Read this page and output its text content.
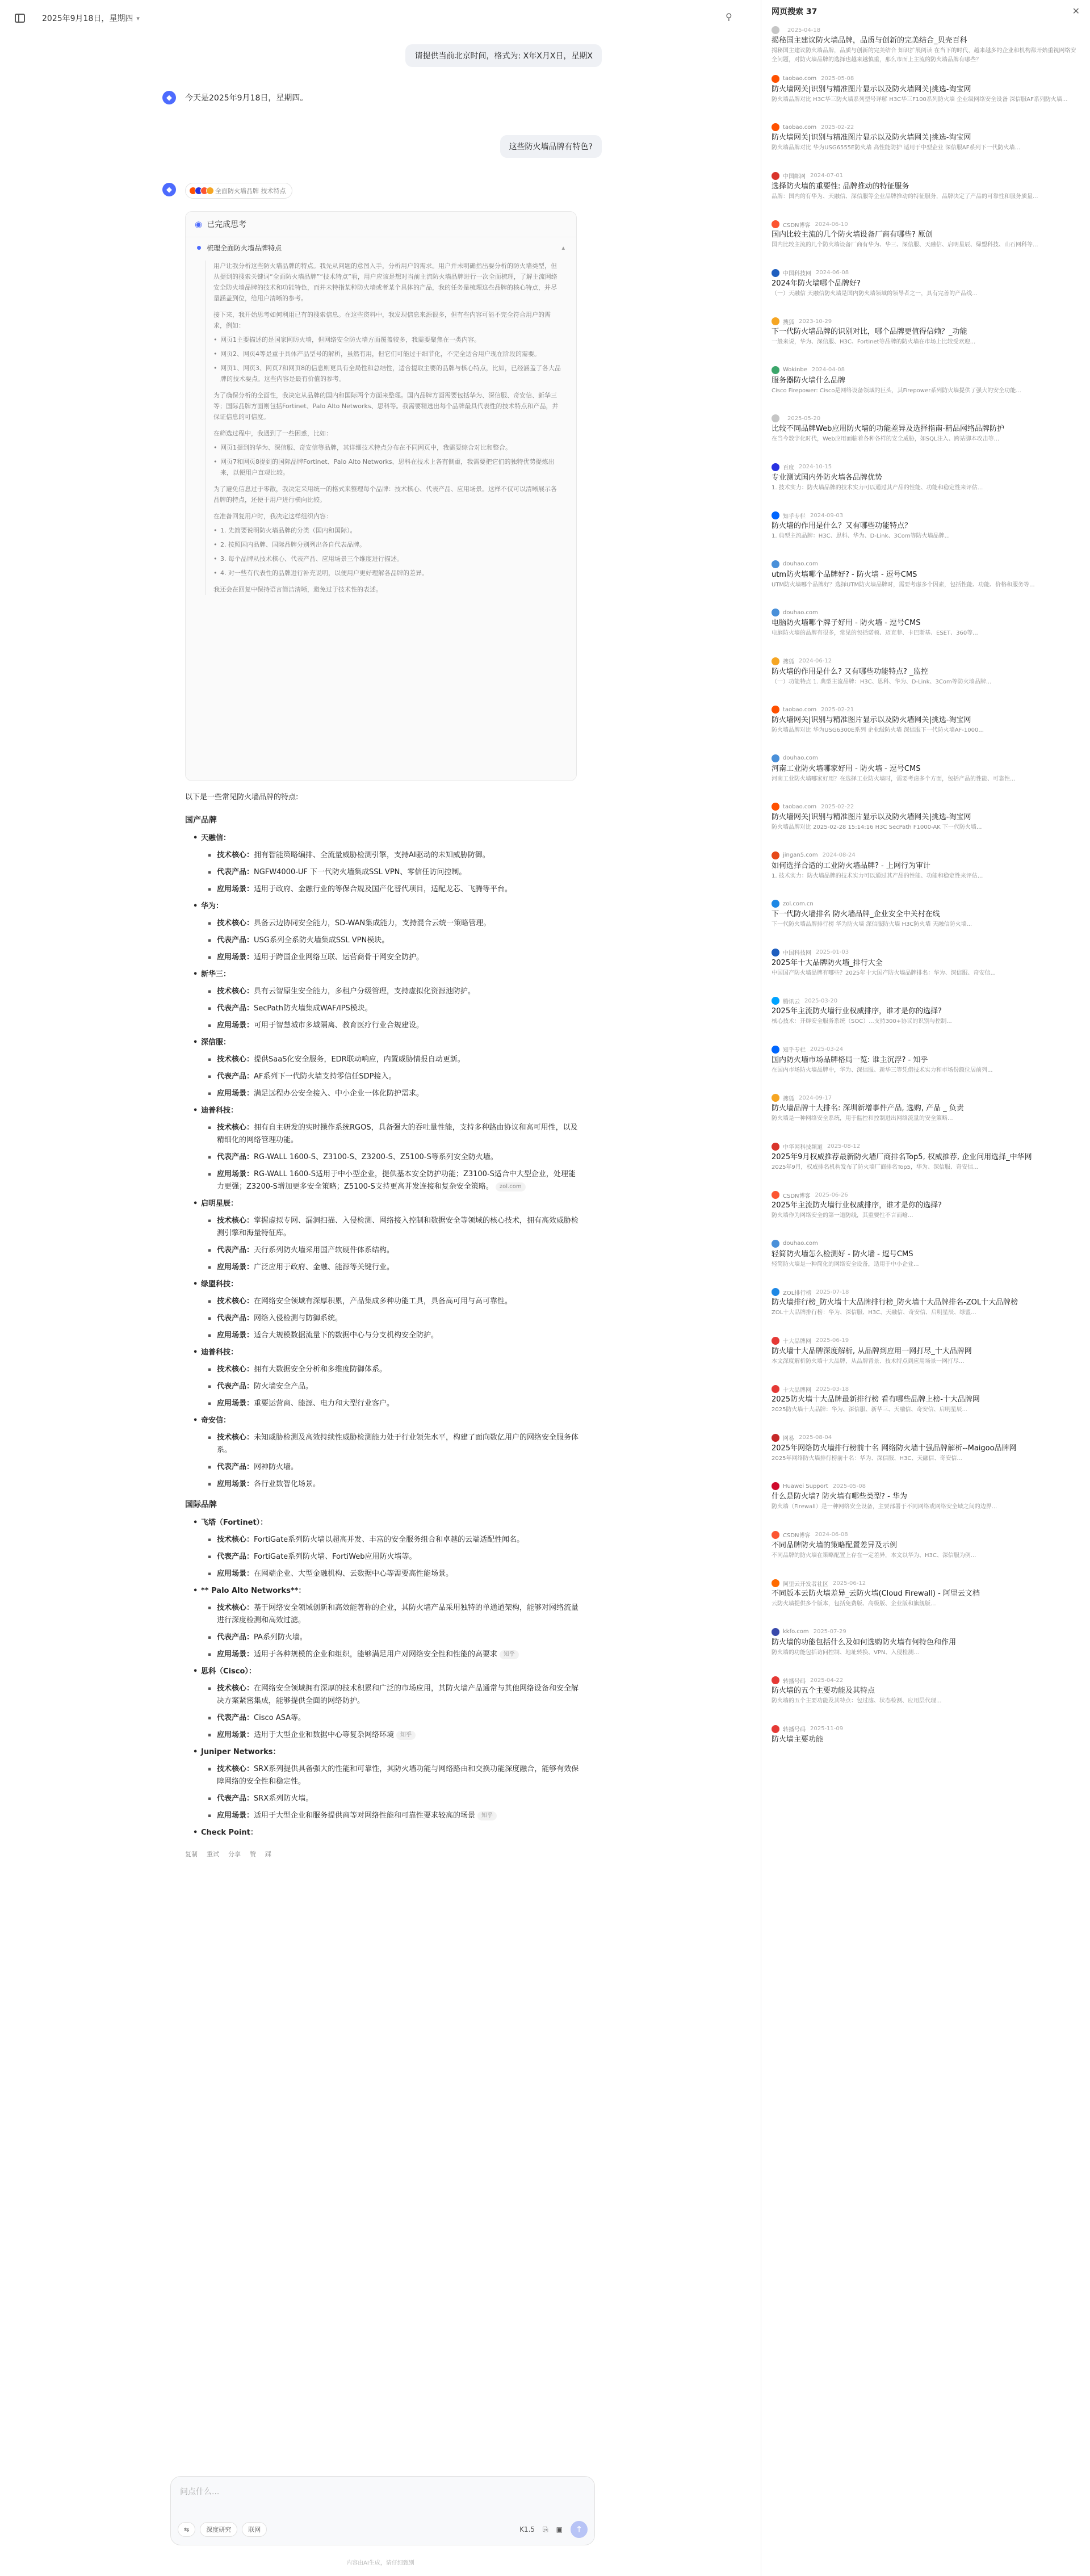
2025年9月18日，星期四 ▾	⚲
请提供当前北京时间，格式为: X年X月X日，星期X
◆	今天是2025年9月18日，星期四。
这些防火墙品牌有特色?
◆	全面防火墙品牌 技术特点
◉ 已完成思考
梳理全面防火墙品牌特点	▴

用户让我分析这些防火墙品牌的特点。我先从问题的意图入手，分析用户的需求。用户并未明确指出要分析的防火墙类型，但从提到的搜索关键词“全面防火墙品牌”“技术特点”看，用户应该是想对当前主流防火墙品牌进行一次全面梳理，了解主流网络安全防火墙品牌的技术和功能特色，而并未特指某种防火墙或者某个具体的产品，我的任务是梳理这些品牌的核心特点，并尽量涵盖到位，给用户清晰的参考。

接下来，我开始思考如何利用已有的搜索信息。在这些资料中，我发现信息来源很多，但有些内容可能不完全符合用户的需求，例如：

• 网页1主要描述的是国家网防火墙，但网络安全防火墙方面覆盖较多，我需要聚焦在一类内容。
• 网页2、网页4等是重于具体产品型号的解析，虽然有用，但它们可能过于细节化，不完全适合用户现在阶段的需要。
• 网页1、网页3、网页7和网页8的信息则更具有全局性和总结性，适合提取主要的品牌与核心特点，比如，已经涵盖了各大品牌的技术要点。这些内容是最有价值的参考。

为了确保分析的全面性，我决定从品牌的国内和国际两个方面来整理。国内品牌方面需要包括华为、深信服、奇安信、新华三等；国际品牌方面则包括Fortinet、Palo Alto Networks、思科等。我需要精选出每个品牌最具代表性的技术特点和产品，并保证信息的可信度。

在筛选过程中，我遇到了一些困惑，比如：

• 网页1提到的华为、深信服、奇安信等品牌，其详细技术特点分布在不同网页中，我需要综合对比和整合。
• 网页7和网页8提到的国际品牌Fortinet、Palo Alto Networks、思科在技术上各有侧重，我需要把它们的独特优势提炼出来，以便用户直观比较。

为了避免信息过于零散，我决定采用统一的格式来整理每个品牌：技术核心、代表产品、应用场景。这样不仅可以清晰展示各品牌的特点，还便于用户进行横向比较。

在准备回复用户时，我决定这样组织内容：

• 1. 先简要说明防火墙品牌的分类（国内和国际）。
• 2. 按照国内品牌、国际品牌分别列出各自代表品牌。
• 3. 每个品牌从技术核心、代表产品、应用场景三个维度进行描述。
• 4. 对一些有代表性的品牌进行补充说明，以便用户更好理解各品牌的差异。

我还会在回复中保持语言简洁清晰，避免过于技术性的表述。

以下是一些常见防火墙品牌的特点:
国产品牌
• 天融信：
▪ 技术核心：拥有智能策略编排、全流量威胁检测引擎，支持AI驱动的未知威胁防御。
▪ 代表产品：NGFW4000-UF 下一代防火墙集成SSL VPN、零信任访问控制。
▪ 应用场景：适用于政府、金融行业的等保合规及国产化替代项目，适配龙芯、飞腾等平台。
• 华为：
▪ 技术核心：具备云边协同安全能力，SD-WAN集成能力，支持混合云统一策略管理。
▪ 代表产品：USG系列全系防火墙集成SSL VPN模块。
▪ 应用场景：适用于跨国企业网络互联、运营商骨干网安全防护。
• 新华三：
▪ 技术核心：具有云智原生安全能力，多租户分级管理，支持虚拟化资源池防护。
▪ 代表产品：SecPath防火墙集成WAF/IPS模块。
▪ 应用场景：可用于智慧城市多域隔离、教育医疗行业合规建设。
• 深信服：
▪ 技术核心：提供SaaS化安全服务，EDR联动响应，内置威胁情报自动更新。
▪ 代表产品：AF系列下一代防火墙支持零信任SDP接入。
▪ 应用场景：满足远程办公安全接入、中小企业一体化防护需求。
• 迪普科技：
▪ 技术核心：拥有自主研发的实时操作系统RGOS，具备强大的吞吐量性能，支持多种路由协议和高可用性，以及精细化的网络管理功能。
▪ 代表产品：RG-WALL 1600-S、Z3100-S、Z3200-S、Z5100-S等系列安全防火墙。
▪ 应用场景：RG-WALL 1600-S适用于中小型企业，提供基本安全防护功能；Z3100-S适合中大型企业，处理能力更强；Z3200-S增加更多安全策略；Z5100-S支持更高并发连接和复杂安全策略。 zol.com
• 启明星辰：
▪ 技术核心：掌握虚拟专网、漏洞扫描、入侵检测、网络接入控制和数据安全等领域的核心技术，拥有高效威胁检测引擎和海量特征库。
▪ 代表产品：天行系列防火墙采用国产软硬件体系结构。
▪ 应用场景：广泛应用于政府、金融、能源等关键行业。
• 绿盟科技：
▪ 技术核心：在网络安全领域有深厚积累，产品集成多种功能工具，具备高可用与高可靠性。
▪ 代表产品：网络入侵检测与防御系统。
▪ 应用场景：适合大规模数据流量下的数据中心与分支机构安全防护。
• 迪普科技：
▪ 技术核心：拥有大数据安全分析和多维度防御体系。
▪ 代表产品：防火墙安全产品。
▪ 应用场景：重要运营商、能源、电力和大型行业客户。
• 奇安信：
▪ 技术核心：未知威胁检测及高效持续性威胁检测能力处于行业领先水平，构建了面向数亿用户的网络安全服务体系。
▪ 代表产品：网神防火墙。
▪ 应用场景：各行业数智化场景。
国际品牌
• 飞塔（Fortinet）：
▪ 技术核心：FortiGate系列防火墙以超高并发、丰富的安全服务组合和卓越的云端适配性闻名。
▪ 代表产品：FortiGate系列防火墙、FortiWeb应用防火墙等。
▪ 应用场景：在网端企业、大型金融机构、云数据中心等需要高性能场景。
• ** Palo Alto Networks**：
▪ 技术核心：基于网络安全领域创新和高效能著称的企业，其防火墙产品采用独特的单通道架构，能够对网络流量进行深度检测和高效过滤。
▪ 代表产品：PA系列防火墙。
▪ 应用场景：适用于各种规模的企业和组织，能够满足用户对网络安全性和性能的高要求 知乎
• 思科（Cisco）：
▪ 技术核心：在网络安全领域拥有深厚的技术积累和广泛的市场应用，其防火墙产品通常与其他网络设备和安全解决方案紧密集成，能够提供全面的网络防护。
▪ 代表产品：Cisco ASA等。
▪ 应用场景：适用于大型企业和数据中心等复杂网络环境 知乎
• Juniper Networks：
▪ 技术核心：SRX系列提供具备强大的性能和可靠性，其防火墙功能与网络路由和交换功能深度融合，能够有效保障网络的安全性和稳定性。
▪ 代表产品：SRX系列防火墙。
▪ 应用场景：适用于大型企业和服务提供商等对网络性能和可靠性要求较高的场景 知乎
• Check Point：
复制 重试 分享 赞 踩
问点什么...
⇆	深度研究	联网	K1.5 ⎘ ▣	↑
内容由AI生成，请仔细甄别
网页搜索 37	✕
2025-04-18
揭秘国主建议防火墙品牌，品质与创新的完美结合_贝壳百科
揭秘国主建议防火墙品牌，品质与创新的完美结合 知识扩展阅读 在当下的时代，越来越多的企业和机构都开始重视网络安全问题，对防火墙品牌的选择也越来越慎重，那么市面上主流的防火墙品牌有哪些？
taobao.com 2025-05-08
防火墙网关|识别与精准图片显示以及防火墙网关|挑选-淘宝网
防火墙品牌对比 H3C华三防火墙系列型号详解 H3C华三F100系列防火墙 企业级网络安全设备 深信服AF系列防火墙...
taobao.com 2025-02-22
防火墙网关|识别与精准图片显示以及防火墙网关|挑选-淘宝网
防火墙品牌对比 华为USG6555E防火墙 高性能防护 适用于中型企业 深信服AF系列下一代防火墙...
中国邮网 2024-07-01
选择防火墙的重要性: 品牌推动的特征服务
品牌：国内的有华为、天融信、深信服等企业品牌推动的特征服务，品牌决定了产品的可靠性和服务质量...
CSDN博客 2024-06-10
国内比较主流的几个防火墙设备厂商有哪些? 原创
国内比较主流的几个防火墙设备厂商有华为、华三、深信服、天融信、启明星辰、绿盟科技、山石网科等...
中国科技网 2024-06-08
2024年防火墙哪个品牌好?
（一）天融信 天融信防火墙是国内防火墙领域的领导者之一，具有完善的产品线...
搜狐 2023-10-29
下一代防火墙品牌的识别对比，哪个品牌更值得信赖？_功能
一般来说，华为、深信服、H3C、Fortinet等品牌的防火墙在市场上比较受欢迎...
Wokinbe 2024-04-08
服务器防火墙什么品牌
Cisco Firepower: Cisco是网络设备领域的巨头，其Firepower系列防火墙提供了强大的安全功能...
2025-05-20
比较不同品牌Web应用防火墙的功能差异及选择指南-精品网络品牌防护
在当今数字化时代，Web应用面临着各种各样的安全威胁，如SQL注入、跨站脚本攻击等...
百度 2024-10-15
专业测试国内外防火墙各品牌优势
1. 技术实力：防火墙品牌的技术实力可以通过其产品的性能、功能和稳定性来评估...
知乎专栏 2024-09-03
防火墙的作用是什么？又有哪些功能特点？
1. 典型主流品牌：H3C、思科、华为、D-Link、3Com等防火墙品牌...
douhao.com
utm防火墙哪个品牌好? - 防火墙 - 逗号CMS
UTM防火墙哪个品牌好？选择UTM防火墙品牌时，需要考虑多个因素，包括性能、功能、价格和服务等...
douhao.com
电脑防火墙哪个牌子好用 - 防火墙 - 逗号CMS
电脑防火墙的品牌有很多，常见的包括诺顿、迈克菲、卡巴斯基、ESET、360等...
搜狐 2024-06-12
防火墙的作用是什么? 又有哪些功能特点? _监控
（一）功能特点 1. 典型主流品牌：H3C、思科、华为、D-Link、3Com等防火墙品牌...
taobao.com 2025-02-21
防火墙网关|识别与精准图片显示以及防火墙网关|挑选-淘宝网
防火墙品牌对比 华为USG6300E系列 企业级防火墙 深信服下一代防火墙AF-1000...
douhao.com
河南工业防火墙哪家好用 - 防火墙 - 逗号CMS
河南工业防火墙哪家好用？在选择工业防火墙时，需要考虑多个方面，包括产品的性能、可靠性...
taobao.com 2025-02-22
防火墙网关|识别与精准图片显示以及防火墙网关|挑选-淘宝网
防火墙品牌对比 2025-02-28 15:14:16 H3C SecPath F1000-AK 下一代防火墙...
jingan5.com 2024-08-24
如何选择合适的工业防火墙品牌? - 上网行为审计
1. 技术实力：防火墙品牌的技术实力可以通过其产品的性能、功能和稳定性来评估...
zol.com.cn
下一代防火墙排名 防火墙品牌_企业安全中关村在线
下一代防火墙品牌排行榜 华为防火墙 深信服防火墙 H3C防火墙 天融信防火墙...
中国科技网 2025-01-03
2025年十大品牌防火墙_排行大全
中国国产防火墙品牌有哪些？2025年十大国产防火墙品牌排名：华为、深信服、奇安信...
腾讯云 2025-03-20
2025年主流防火墙行业权威排序，谁才是你的选择?
核心技术：开辟安全服务系统（SOC）...支持300+协议的识别与控制...
知乎专栏 2025-03-24
国内防火墙市场品牌格局一览: 谁主沉浮? - 知乎
在国内市场防火墙品牌中，华为、深信服、新华三等凭借技术实力和市场份额位居前列...
搜狐 2024-09-17
防火墙品牌十大排名: 深圳新增事件产品, 选购, 产品 _ 负责
防火墙是一种网络安全系统，用于监控和控制进出网络流量的安全策略...
中华网科技频道 2025-08-12
2025年9月权威推荐最新防火墙厂商排名Top5, 权威推荐, 企业问用选择_中华网
2025年9月，权威排名机构发布了防火墙厂商排名Top5，华为、深信服、奇安信...
CSDN博客 2025-06-26
2025年主流防火墙行业权威排序，谁才是你的选择?
防火墙作为网络安全的第一道防线，其重要性不言而喻...
douhao.com
轻简防火墙怎么检测好 - 防火墙 - 逗号CMS
轻简防火墙是一种简化的网络安全设备，适用于中小企业...
ZOL排行榜 2025-07-18
防火墙排行榜_防火墙十大品牌排行榜_防火墙十大品牌排名-ZOL十大品牌榜
ZOL十大品牌排行榜：华为、深信服、H3C、天融信、奇安信、启明星辰、绿盟...
十大品牌网 2025-06-19
防火墙十大品牌深度解析, 从品牌到应用一网打尽_十大品牌网
本文深度解析防火墙十大品牌，从品牌背景、技术特点到应用场景一网打尽...
十大品牌网 2025-03-18
2025防火墙十大品牌最新排行榜 看有哪些品牌上榜-十大品牌网
2025防火墙十大品牌：华为、深信服、新华三、天融信、奇安信、启明星辰...
网易 2025-08-04
2025年网络防火墙排行榜前十名 网络防火墙十强品牌解析--Maigoo品牌网
2025年网络防火墙排行榜前十名：华为、深信服、H3C、天融信、奇安信...
Huawei Support 2025-05-08
什么是防火墙? 防火墙有哪些类型? - 华为
防火墙（Firewall）是一种网络安全设备，主要部署于不同网络或网络安全域之间的边界...
CSDN博客 2024-06-08
不同品牌防火墙的策略配置差异及示例
不同品牌的防火墙在策略配置上存在一定差异，本文以华为、H3C、深信服为例...
阿里云开发者社区 2025-06-12
不同版本云防火墙差异_云防火墙(Cloud Firewall) - 阿里云文档
云防火墙提供多个版本，包括免费版、高级版、企业版和旗舰版...
kkfo.com 2025-07-29
防火墙的功能包括什么及如何选购防火墙有何特色和作用
防火墙的功能包括访问控制、地址转换、VPN、入侵检测...
转播号码 2025-04-22
防火墙的五个主要功能及其特点
防火墙的五个主要功能及其特点：包过滤、状态检测、应用层代理...
转播号码 2025-11-09
防火墙主要功能
